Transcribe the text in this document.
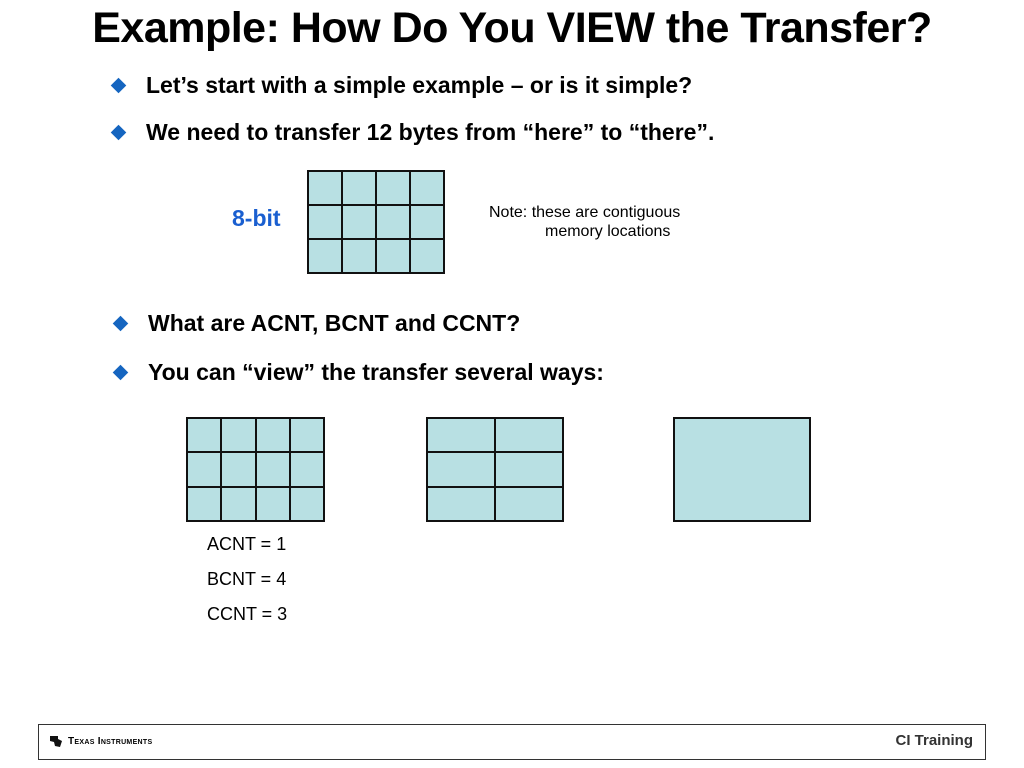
Example: How Do You VIEW the Transfer?
Let’s start with a simple example – or is it simple?
We need to transfer 12 bytes from “here” to “there”.
8-bit

				Note: these are contiguous
memory locations
What are ACNT, BCNT and CCNT?
You can “view” the transfer several ways:

ACNT = 1
BCNT = 4
CCNT = 3
Texas Instruments	CI Training
